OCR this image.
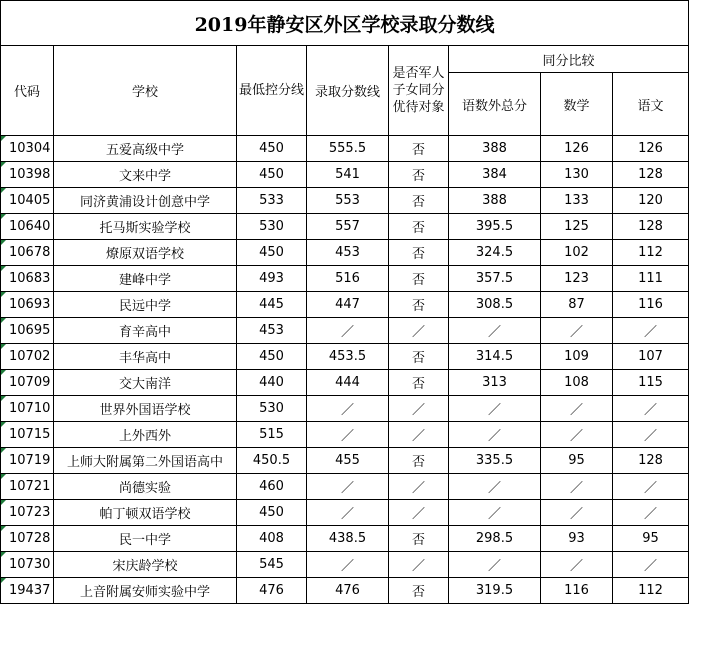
2019年静安区外区学校录取分数线							
代码	学校	最低控分线	录取分数线	是否军人子女同分优待对象	同分比较		
					语数外总分	数学	语文
10304	五爱高级中学	450	555.5	否	388	126	126
10398	文来中学	450	541	否	384	130	128
10405	同济黄浦设计创意中学	533	553	否	388	133	120
10640	托马斯实验学校	530	557	否	395.5	125	128
10678	燎原双语学校	450	453	否	324.5	102	112
10683	建峰中学	493	516	否	357.5	123	111
10693	民远中学	445	447	否	308.5	87	116
10695	育辛高中	453	／	／	／	／	／
10702	丰华高中	450	453.5	否	314.5	109	107
10709	交大南洋	440	444	否	313	108	115
10710	世界外国语学校	530	／	／	／	／	／
10715	上外西外	515	／	／	／	／	／
10719	上师大附属第二外国语高中	450.5	455	否	335.5	95	128
10721	尚德实验	460	／	／	／	／	／
10723	帕丁顿双语学校	450	／	／	／	／	／
10728	民一中学	408	438.5	否	298.5	93	95
10730	宋庆龄学校	545	／	／	／	／	／
19437	上音附属安师实验中学	476	476	否	319.5	116	112
